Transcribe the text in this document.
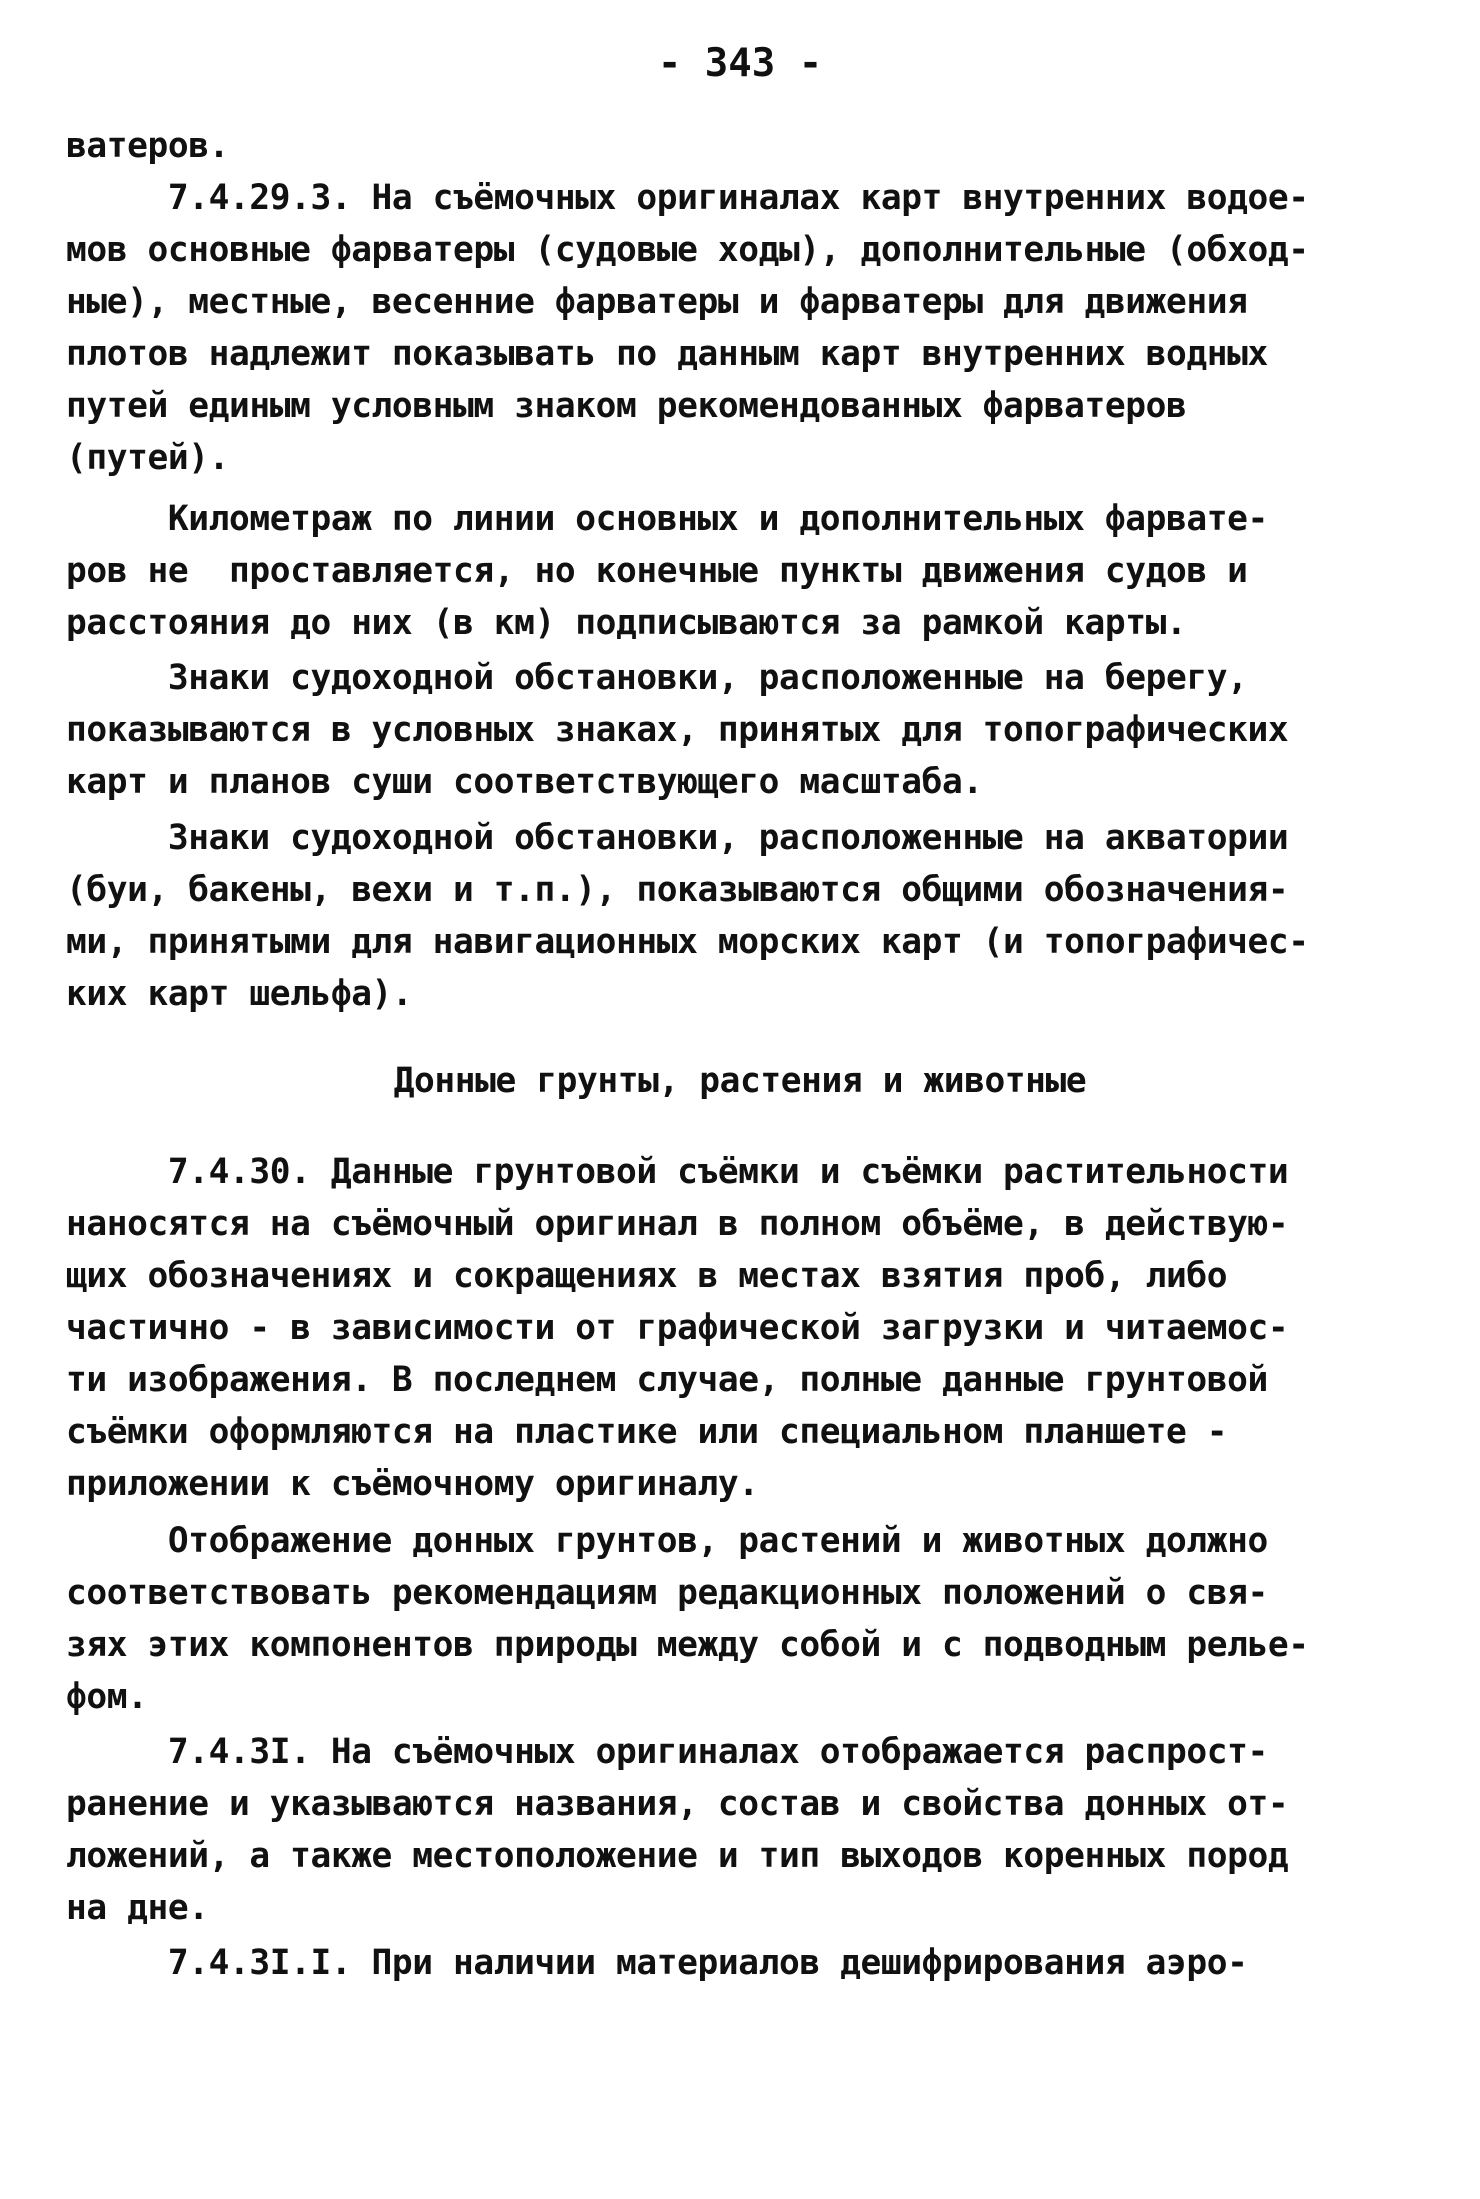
- 343 -
ватеров.
7.4.29.3. На съёмочных оригиналах карт внутренних водое-
мов основные фарватеры (судовые ходы), дополнительные (обход-
ные), местные, весенние фарватеры и фарватеры для движения
плотов надлежит показывать по данным карт внутренних водных
путей единым условным знаком рекомендованных фарватеров
(путей).
Километраж по линии основных и дополнительных фарвате-
ров не  проставляется, но конечные пункты движения судов и
расстояния до них (в км) подписываются за рамкой карты.
Знаки судоходной обстановки, расположенные на берегу,
показываются в условных знаках, принятых для топографических
карт и планов суши соответствующего масштаба.
Знаки судоходной обстановки, расположенные на акватории
(буи, бакены, вехи и т.п.), показываются общими обозначения-
ми, принятыми для навигационных морских карт (и топографичес-
ких карт шельфа).
Донные грунты, растения и животные
7.4.30. Данные грунтовой съёмки и съёмки растительности
наносятся на съёмочный оригинал в полном объёме, в действую-
щих обозначениях и сокращениях в местах взятия проб, либо
частично - в зависимости от графической загрузки и читаемос-
ти изображения. В последнем случае, полные данные грунтовой
съёмки оформляются на пластике или специальном планшете -
приложении к съёмочному оригиналу.
Отображение донных грунтов, растений и животных должно
соответствовать рекомендациям редакционных положений о свя-
зях этих компонентов природы между собой и с подводным релье-
фом.
7.4.3I. На съёмочных оригиналах отображается распрост-
ранение и указываются названия, состав и свойства донных от-
ложений, а также местоположение и тип выходов коренных пород
на дне.
7.4.3I.I. При наличии материалов дешифрирования аэро-
